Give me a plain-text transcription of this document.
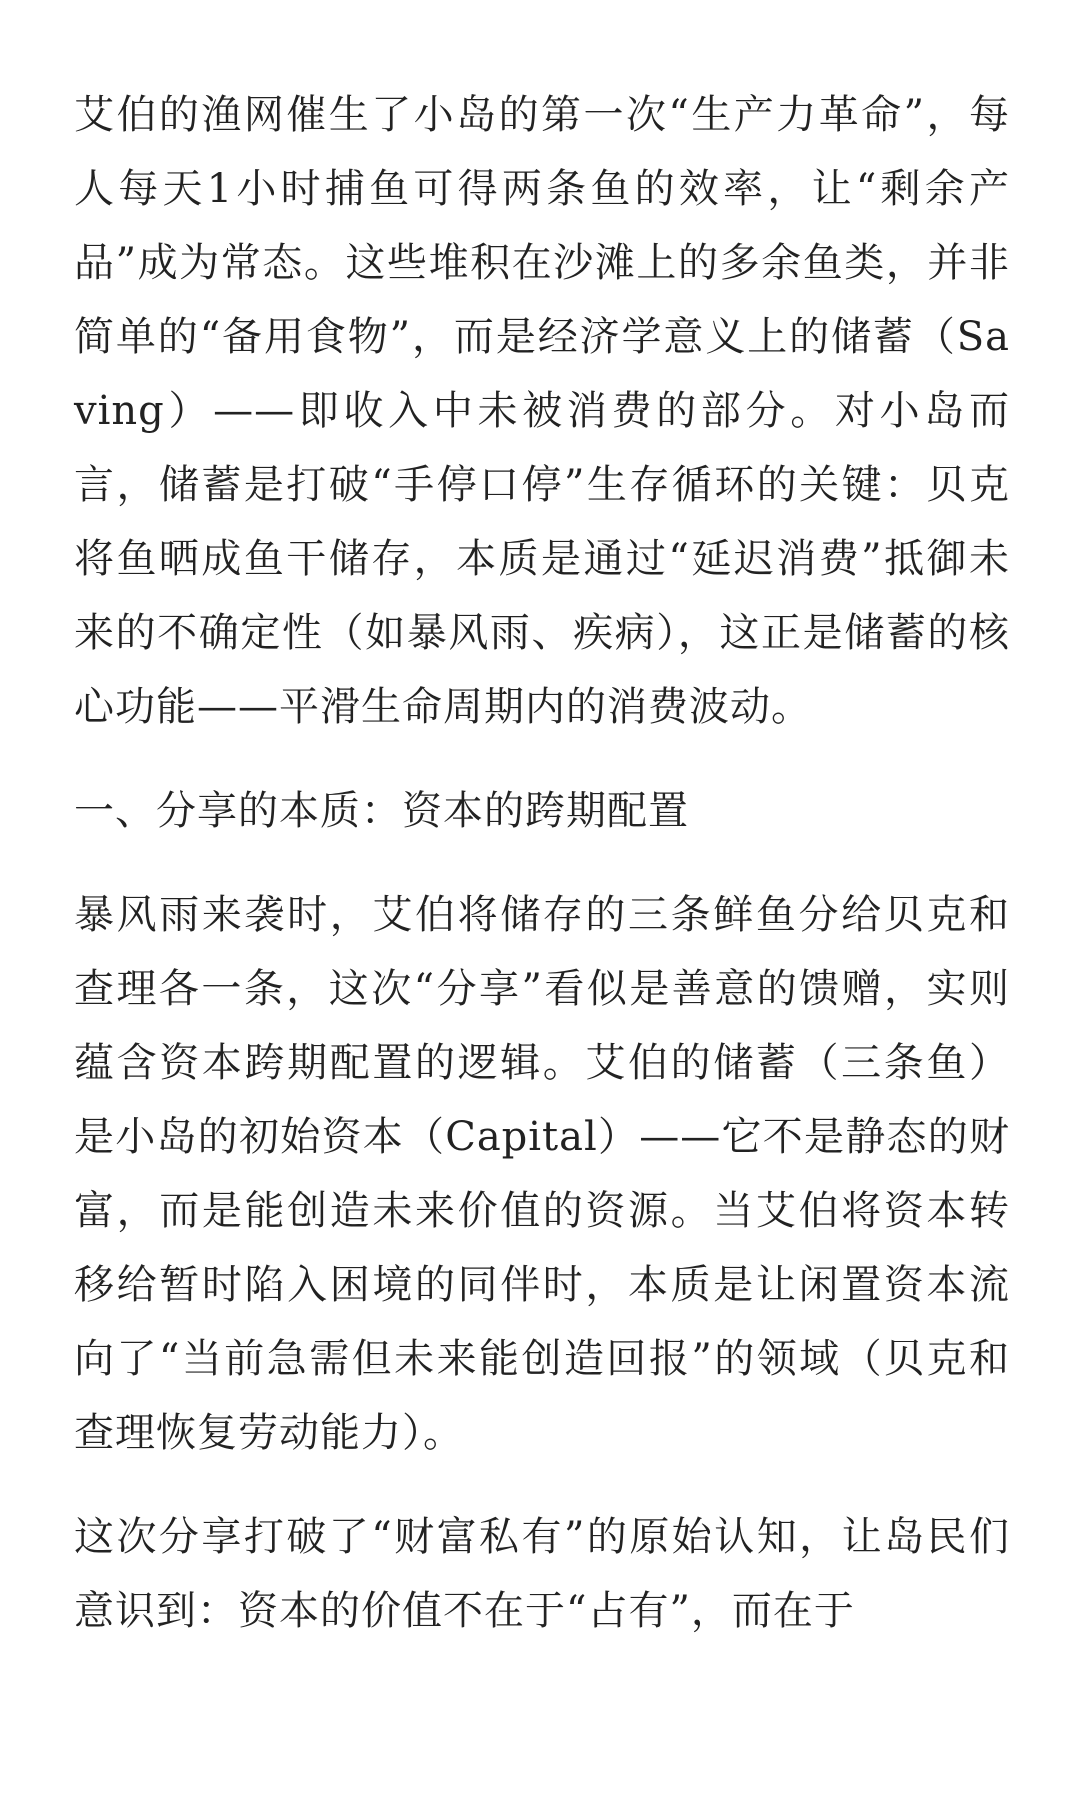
艾伯的渔网催生了小岛的第一次“生产力革命”，每人每天1小时捕鱼可得两条鱼的效率，让“剩余产品”成为常态。这些堆积在沙滩上的多余鱼类，并非简单的“备用食物”，而是经济学意义上的储蓄（Saving）——即收入中未被消费的部分。对小岛而言，储蓄是打破“手停口停”生存循环的关键：贝克将鱼晒成鱼干储存，本质是通过“延迟消费”抵御未来的不确定性（如暴风雨、疾病），这正是储蓄的核心功能——平滑生命周期内的消费波动。

一、分享的本质：资本的跨期配置

暴风雨来袭时，艾伯将储存的三条鲜鱼分给贝克和查理各一条，这次“分享”看似是善意的馈赠，实则蕴含资本跨期配置的逻辑。艾伯的储蓄（三条鱼）是小岛的初始资本（Capital）——它不是静态的财富，而是能创造未来价值的资源。当艾伯将资本转移给暂时陷入困境的同伴时，本质是让闲置资本流向了“当前急需但未来能创造回报”的领域（贝克和查理恢复劳动能力）。

这次分享打破了“财富私有”的原始认知，让岛民们意识到：资本的价值不在于“占有”，而在于
